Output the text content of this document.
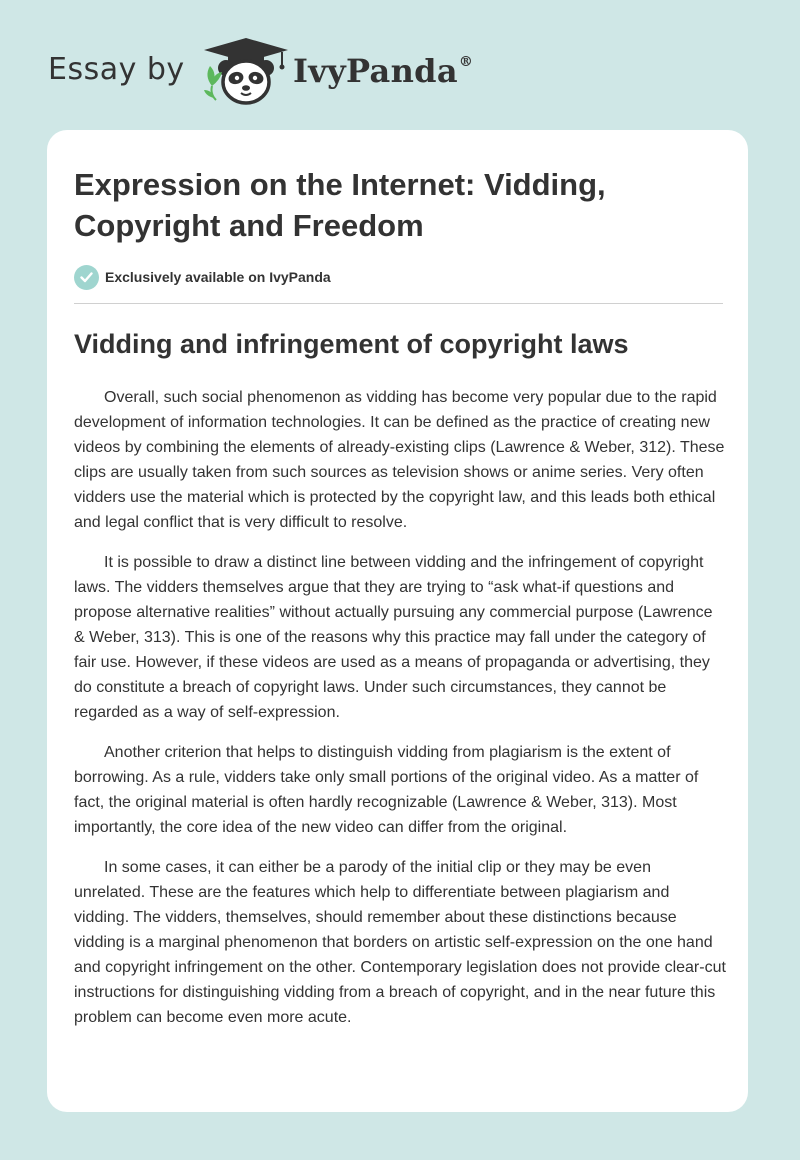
Essay by	IvyPanda®
Expression on the Internet: Vidding, Copyright and Freedom
Exclusively available on IvyPanda
Vidding and infringement of copyright laws

Overall, such social phenomenon as vidding has become very popular due to the rapid development of information technologies. It can be defined as the practice of creating new videos by combining the elements of already-existing clips (Lawrence & Weber, 312). These clips are usually taken from such sources as television shows or anime series. Very often vidders use the material which is protected by the copyright law, and this leads both ethical and legal conflict that is very difficult to resolve.

It is possible to draw a distinct line between vidding and the infringement of copyright laws. The vidders themselves argue that they are trying to “ask what-if questions and propose alternative realities” without actually pursuing any commercial purpose (Lawrence & Weber, 313). This is one of the reasons why this practice may fall under the category of fair use. However, if these videos are used as a means of propaganda or advertising, they do constitute a breach of copyright laws. Under such circumstances, they cannot be regarded as a way of self-expression.

Another criterion that helps to distinguish vidding from plagiarism is the extent of borrowing. As a rule, vidders take only small portions of the original video. As a matter of fact, the original material is often hardly recognizable (Lawrence & Weber, 313). Most importantly, the core idea of the new video can differ from the original.

In some cases, it can either be a parody of the initial clip or they may be even unrelated. These are the features which help to differentiate between plagiarism and vidding. The vidders, themselves, should remember about these distinctions because vidding is a marginal phenomenon that borders on artistic self-expression on the one hand and copyright infringement on the other. Contemporary legislation does not provide clear-cut instructions for distinguishing vidding from a breach of copyright, and in the near future this problem can become even more acute.
